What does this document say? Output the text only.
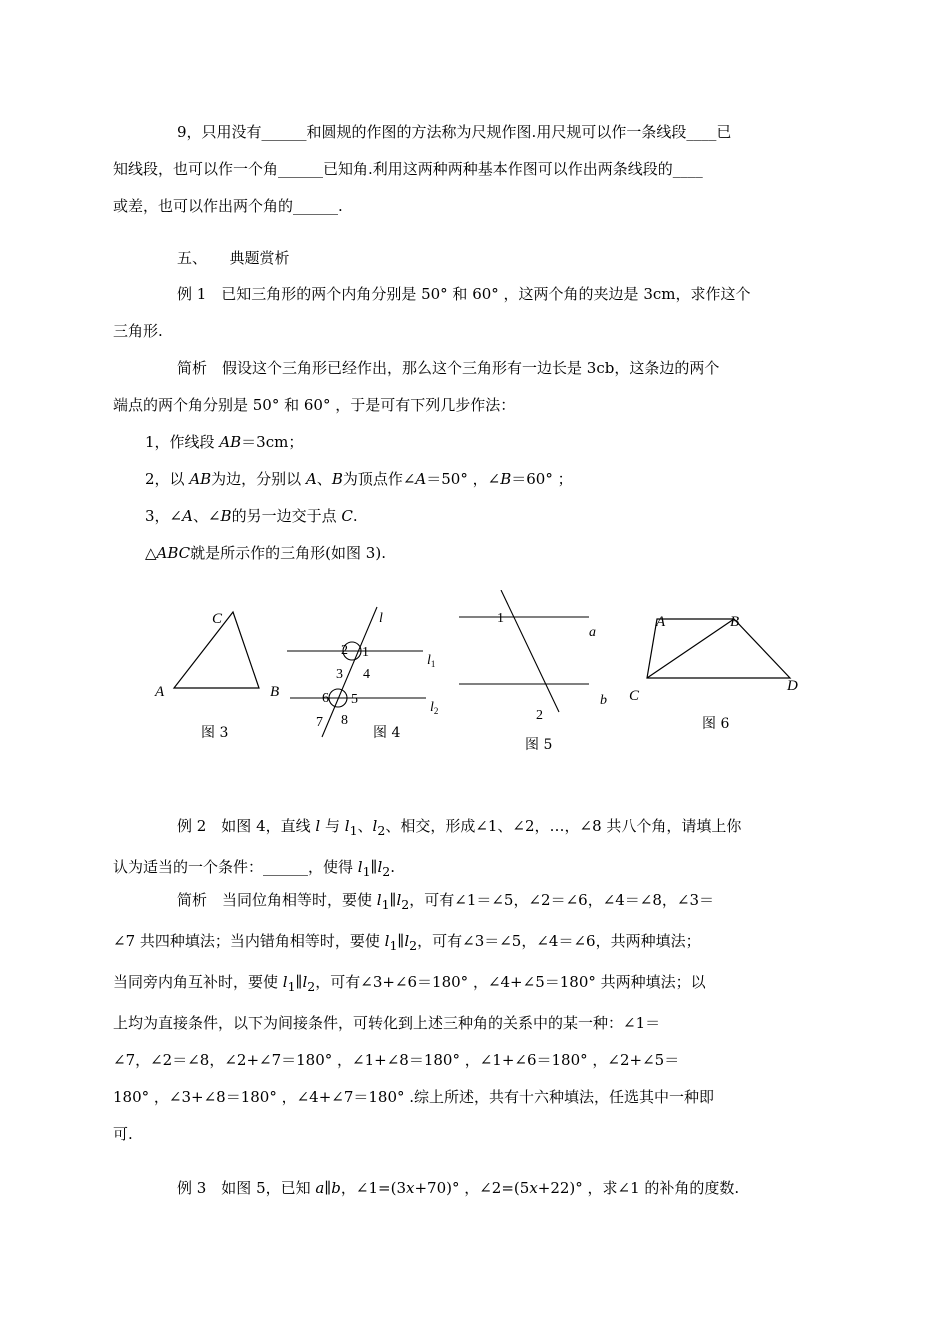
9，只用没有______和圆规的作图的方法称为尺规作图.用尺规可以作一条线段____已
知线段，也可以作一个角______已知角.利用这两种两种基本作图可以作出两条线段的____
或差，也可以作出两个角的______.

五、　　典题赏析

例 1　已知三角形的两个内角分别是 50° 和 60° ，这两个角的夹边是 3cm，求作这个
三角形.

简析　假设这个三角形已经作出，那么这个三角形有一边长是 3cb，这条边的两个
端点的两个角分别是 50° 和 60° ，于是可有下列几步作法：
1，作线段 AB＝3cm；
2，以 AB为边，分别以 A、B为顶点作∠A＝50° ，∠B＝60° ；
3，∠A、∠B的另一边交于点 C.
△ABC就是所示作的三角形(如图 3).

C
A	B
l
$l_1$
$l_2$
2 1
3 4
6 5
7 8
1
2
a
b
A	B
C
D
图 3	图 4
图 5
图 6

例 2　如图 4，直线 l 与 $l_1$、$l_2$、相交，形成∠1、∠2，…，∠8 共八个角，请填上你
认为适当的一个条件：______，使得 $l_1\parallel l_2$.

简析　当同位角相等时，要使 $l_1\parallel l_2$，可有∠1＝∠5，∠2＝∠6，∠4＝∠8，∠3＝
∠7 共四种填法；当内错角相等时，要使 $l_1\parallel l_2$，可有∠3＝∠5，∠4＝∠6，共两种填法；
当同旁内角互补时，要使 $l_1\parallel l_2$，可有∠3+∠6＝180° ，∠4+∠5＝180° 共两种填法；以
上均为直接条件，以下为间接条件，可转化到上述三种角的关系中的某一种：∠1＝
∠7，∠2＝∠8，∠2+∠7＝180° ，∠1+∠8＝180° ，∠1+∠6＝180° ，∠2+∠5＝
180° ，∠3+∠8＝180° ，∠4+∠7＝180° .综上所述，共有十六种填法，任选其中一种即
可.

例 3　如图 5，已知 a∥b，∠1=(3x+70)° ，∠2=(5x+22)° ，求∠1 的补角的度数.
